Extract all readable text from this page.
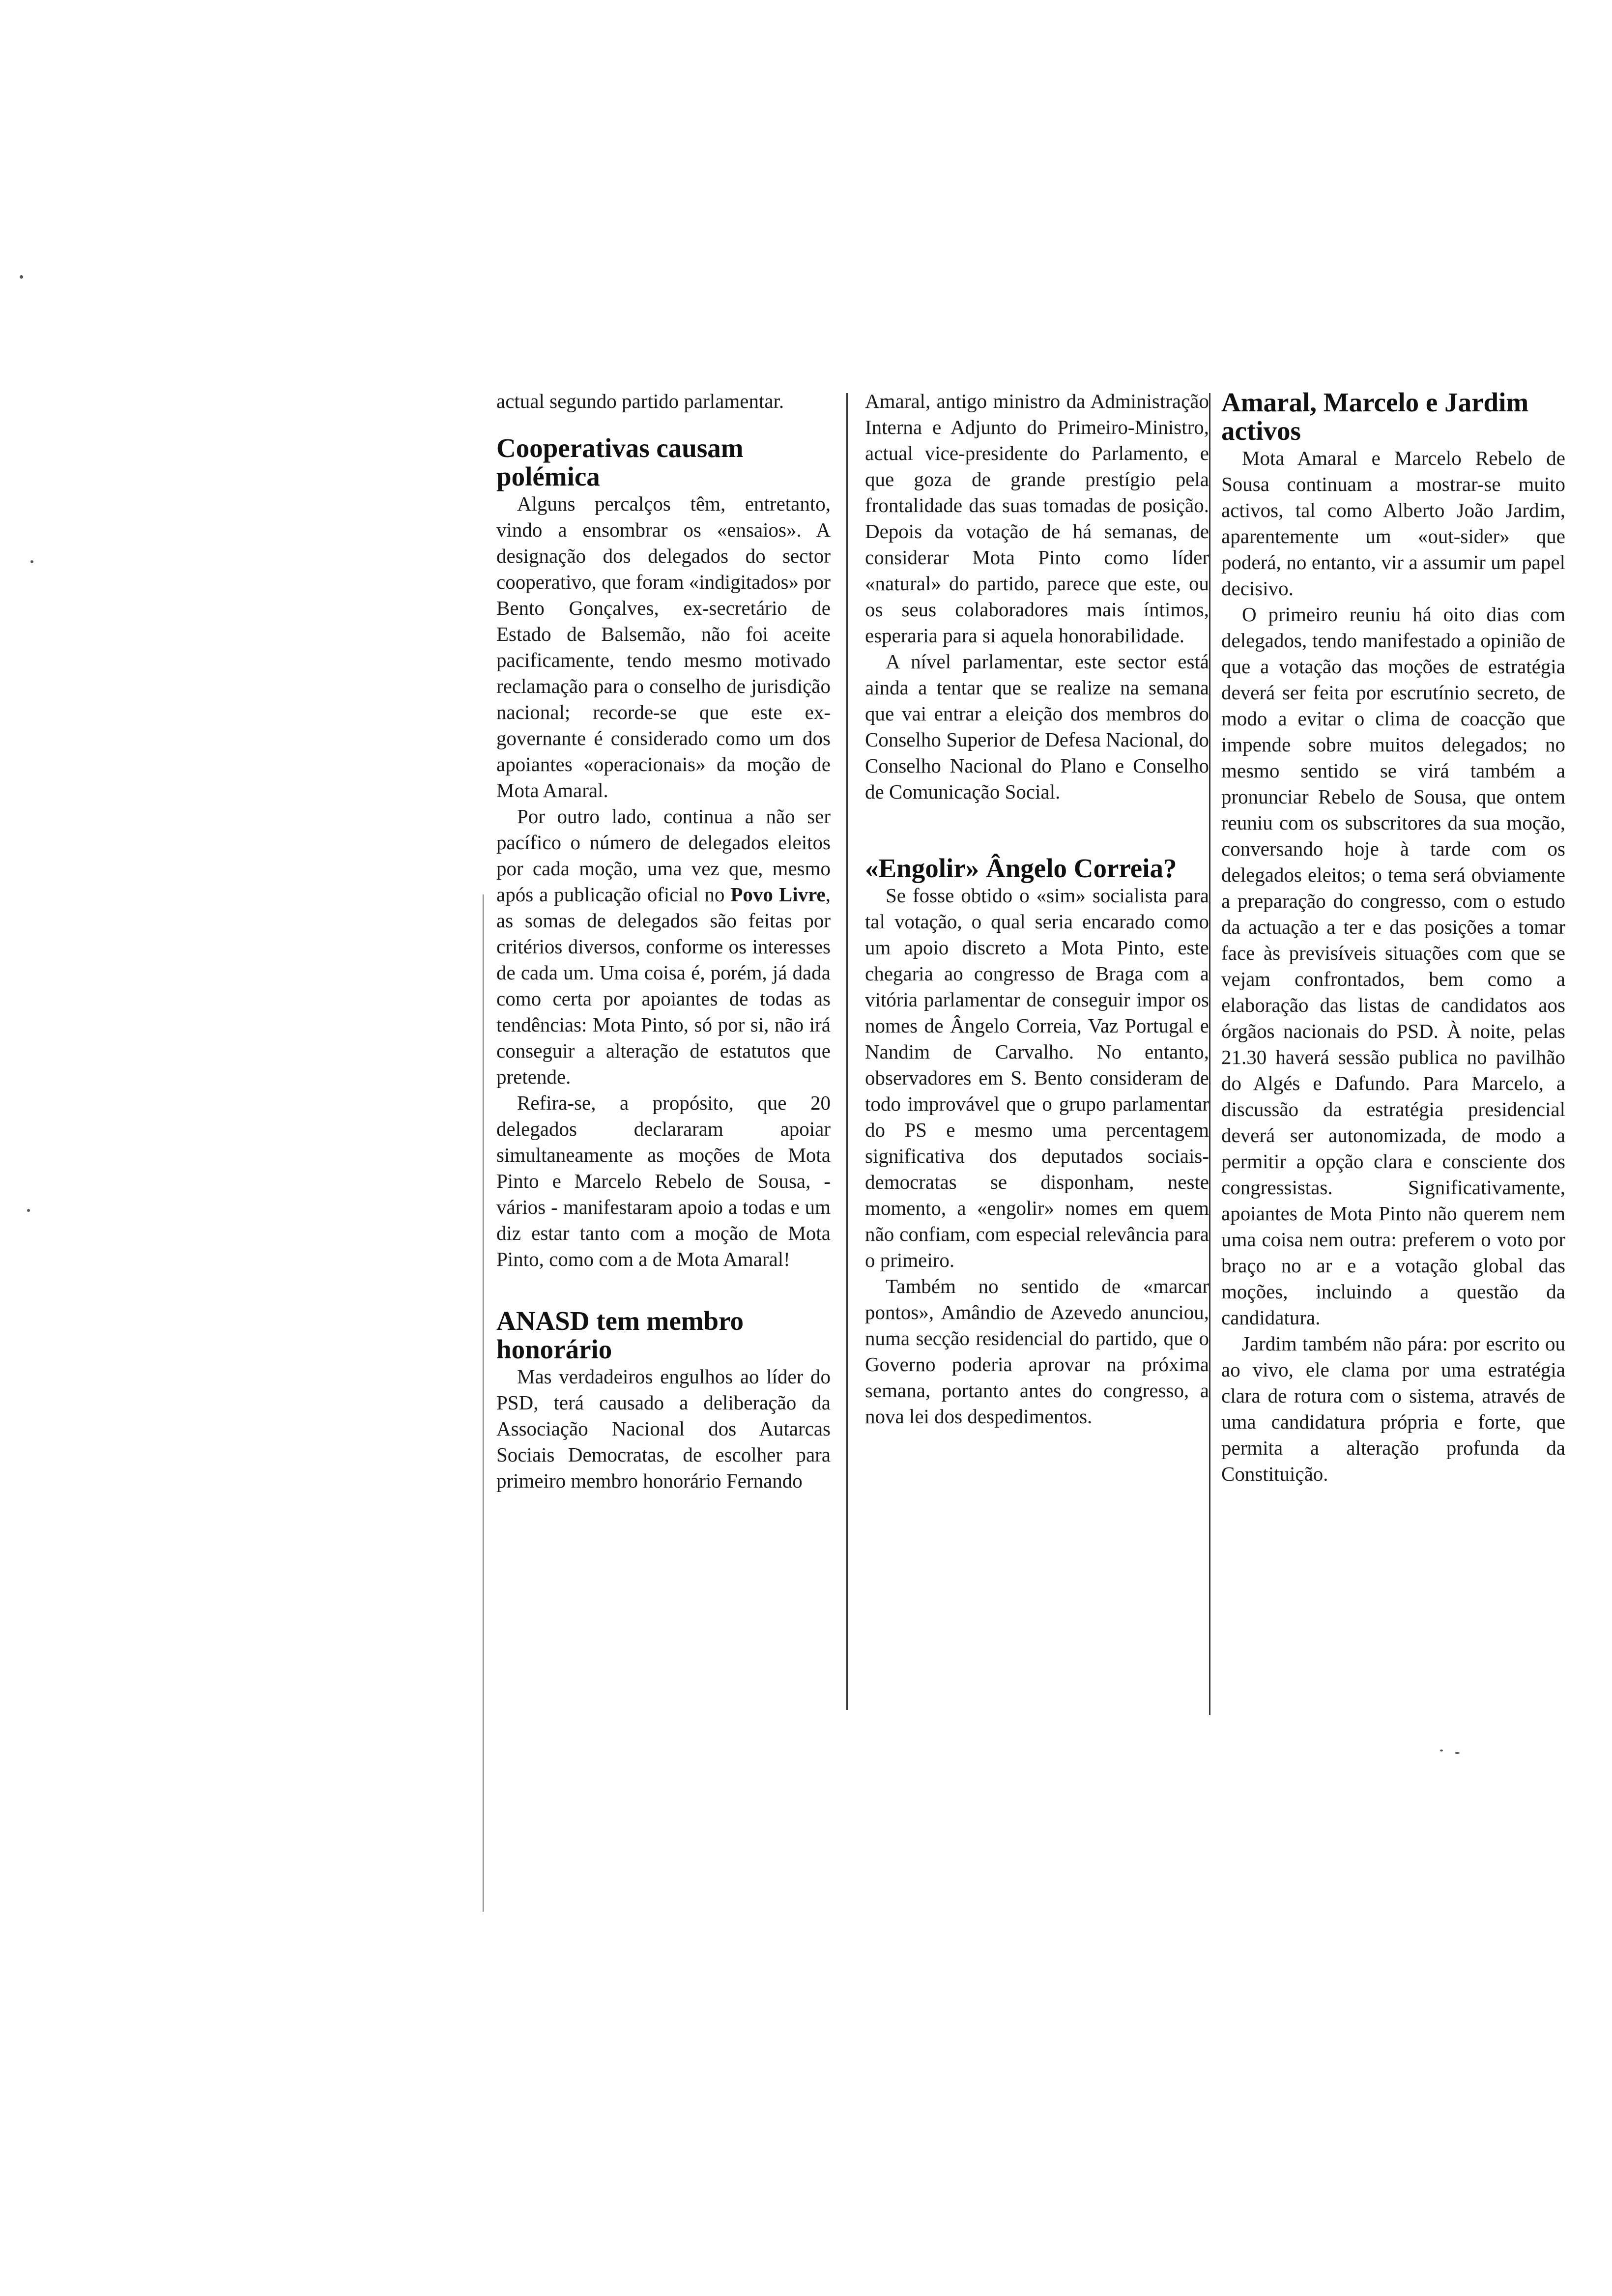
actual segundo partido parlamentar.

Cooperativas causam polémica

Alguns percalços têm, entretanto, vindo a ensombrar os «ensaios». A designação dos delegados do sector cooperativo, que foram «indigitados» por Bento Gonçalves, ex-secretário de Estado de Balsemão, não foi aceite pacificamente, tendo mesmo motivado reclamação para o conselho de jurisdição nacional; recorde-se que este ex-governante é considerado como um dos apoiantes «operacionais» da moção de Mota Amaral.

Por outro lado, continua a não ser pacífico o número de delegados eleitos por cada moção, uma vez que, mesmo após a publicação oficial no Povo Livre, as somas de delegados são feitas por critérios diversos, conforme os interesses de cada um. Uma coisa é, porém, já dada como certa por apoiantes de todas as tendências: Mota Pinto, só por si, não irá conseguir a alteração de estatutos que pretende.

Refira-se, a propósito, que 20 delegados declararam apoiar simultaneamente as moções de Mota Pinto e Marcelo Rebelo de Sousa, - vários - manifestaram apoio a todas e um diz estar tanto com a moção de Mota Pinto, como com a de Mota Amaral!

ANASD tem membro honorário

Mas verdadeiros engulhos ao líder do PSD, terá causado a deliberação da Associação Nacional dos Autarcas Sociais Democratas, de escolher para primeiro membro honorário Fernando

Amaral, antigo ministro da Administração Interna e Adjunto do Primeiro-Ministro, actual vice-presidente do Parlamento, e que goza de grande prestígio pela frontalidade das suas tomadas de posição. Depois da votação de há semanas, de considerar Mota Pinto como líder «natural» do partido, parece que este, ou os seus colaboradores mais íntimos, esperaria para si aquela honorabilidade.

A nível parlamentar, este sector está ainda a tentar que se realize na semana que vai entrar a eleição dos membros do Conselho Superior de Defesa Nacional, do Conselho Nacional do Plano e Conselho de Comunicação Social.

«Engolir» Ângelo Correia?

Se fosse obtido o «sim» socialista para tal votação, o qual seria encarado como um apoio discreto a Mota Pinto, este chegaria ao congresso de Braga com a vitória parlamentar de conseguir impor os nomes de Ângelo Correia, Vaz Portugal e Nandim de Carvalho. No entanto, observadores em S. Bento consideram de todo improvável que o grupo parlamentar do PS e mesmo uma percentagem significativa dos deputados sociais-democratas se disponham, neste momento, a «engolir» nomes em quem não confiam, com especial relevância para o primeiro.

Também no sentido de «marcar pontos», Amândio de Azevedo anunciou, numa secção residencial do partido, que o Governo poderia aprovar na próxima semana, portanto antes do congresso, a nova lei dos despedimentos.

Amaral, Marcelo e Jardim activos

Mota Amaral e Marcelo Rebelo de Sousa continuam a mostrar-se muito activos, tal como Alberto João Jardim, aparentemente um «out-sider» que poderá, no entanto, vir a assumir um papel decisivo.

O primeiro reuniu há oito dias com delegados, tendo manifestado a opinião de que a votação das moções de estratégia deverá ser feita por escrutínio secreto, de modo a evitar o clima de coacção que impende sobre muitos delegados; no mesmo sentido se virá também a pronunciar Rebelo de Sousa, que ontem reuniu com os subscritores da sua moção, conversando hoje à tarde com os delegados eleitos; o tema será obviamente a preparação do congresso, com o estudo da actuação a ter e das posições a tomar face às previsíveis situações com que se vejam confrontados, bem como a elaboração das listas de candidatos aos órgãos nacionais do PSD. À noite, pelas 21.30 haverá sessão publica no pavilhão do Algés e Dafundo. Para Marcelo, a discussão da estratégia presidencial deverá ser autonomizada, de modo a permitir a opção clara e consciente dos congressistas. Significativamente, apoiantes de Mota Pinto não querem nem uma coisa nem outra: preferem o voto por braço no ar e a votação global das moções, incluindo a questão da candidatura.

Jardim também não pára: por escrito ou ao vivo, ele clama por uma estratégia clara de rotura com o sistema, através de uma candidatura própria e forte, que permita a alteração profunda da Constituição.
